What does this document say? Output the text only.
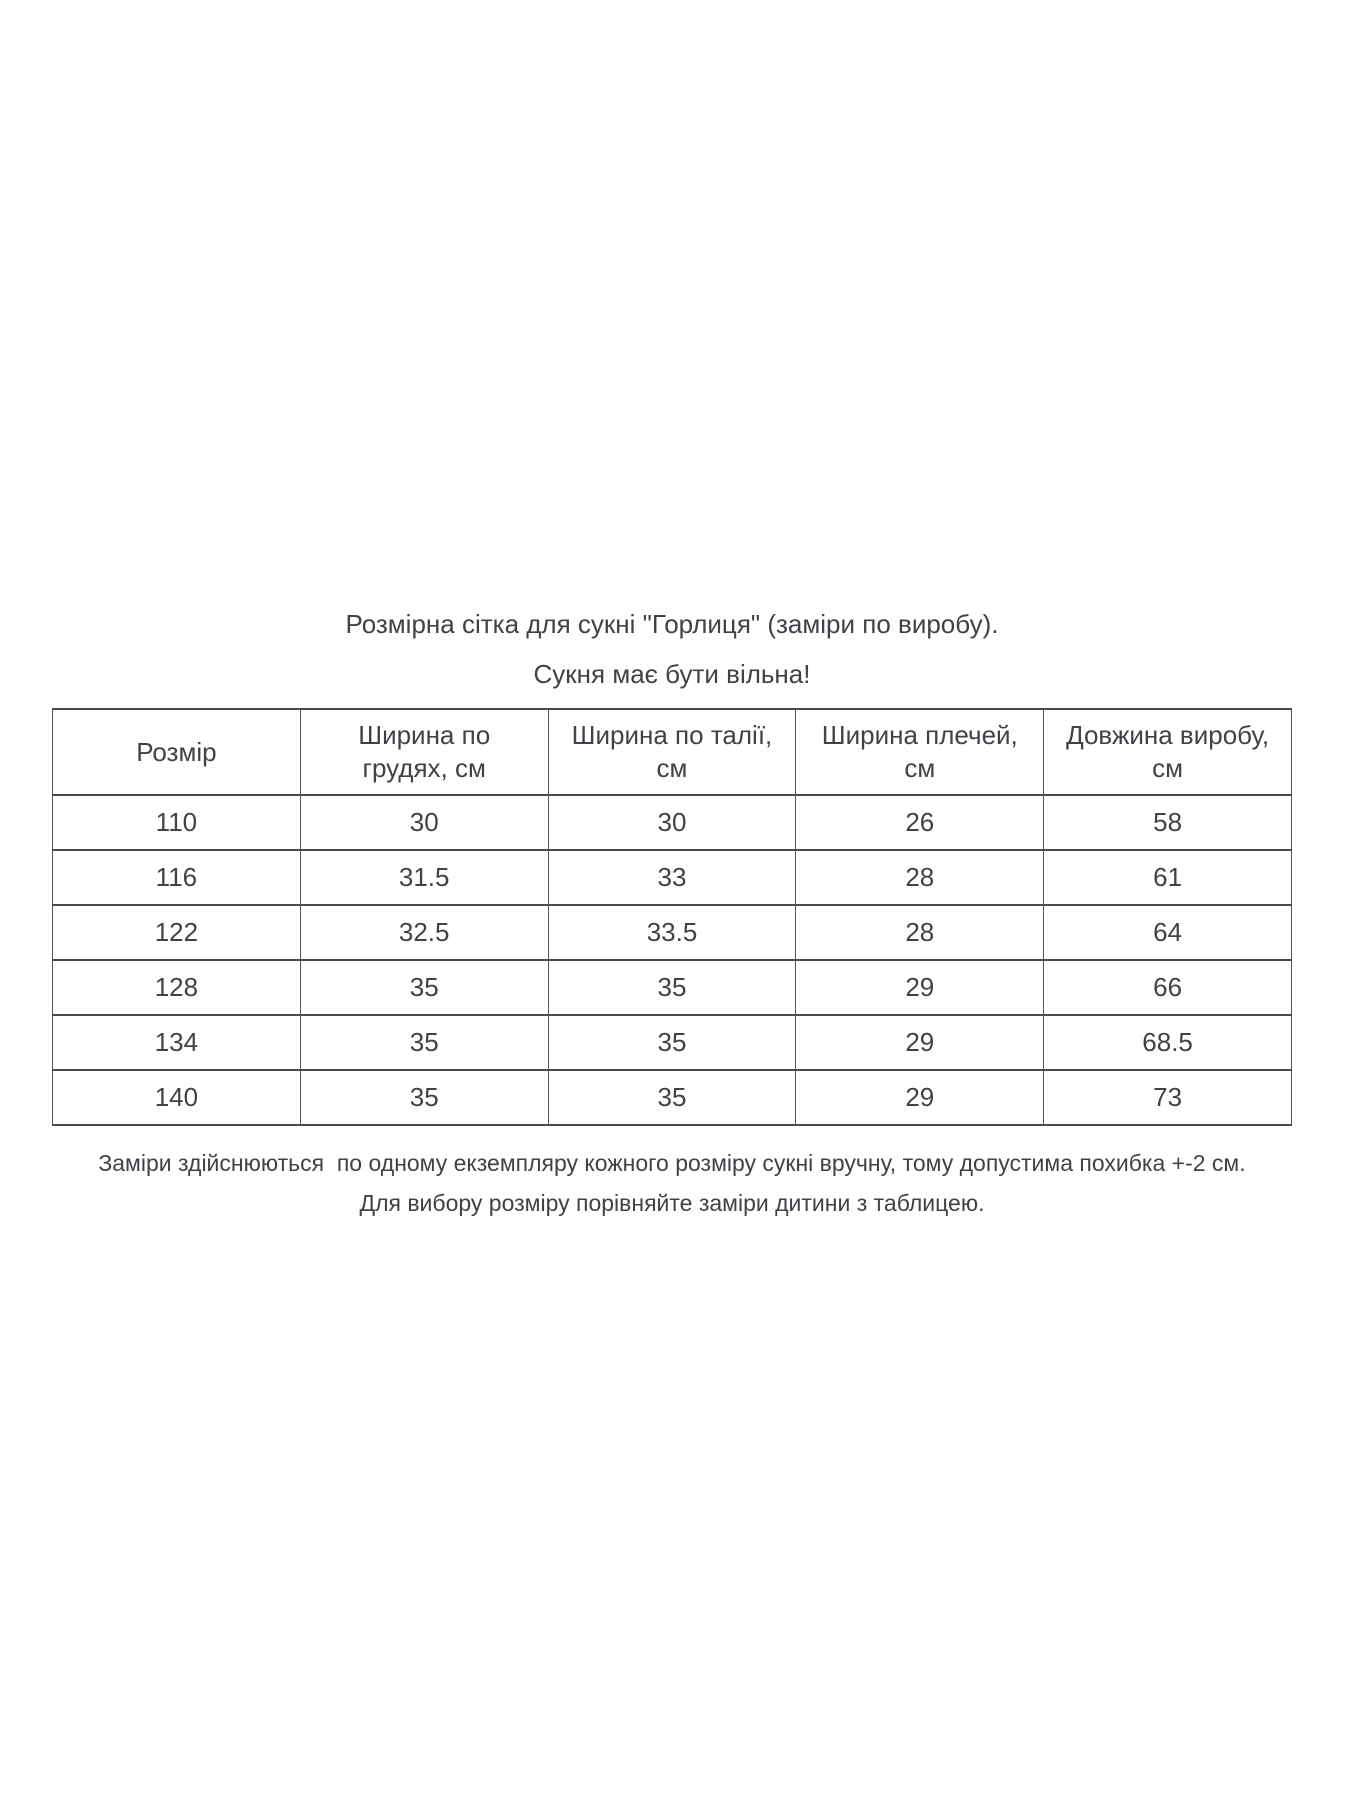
Розмірна сітка для сукні "Горлиця" (заміри по виробу).
Сукня має бути вільна!
Розмір	Ширина по грудях, см	Ширина по талії, см	Ширина плечей, см	Довжина виробу, см
110	30	30	26	58
116	31.5	33	28	61
122	32.5	33.5	28	64
128	35	35	29	66
134	35	35	29	68.5
140	35	35	29	73
Заміри здійснюються  по одному екземпляру кожного розміру сукні вручну, тому допустима похибка +-2 см.
Для вибору розміру порівняйте заміри дитини з таблицею.
